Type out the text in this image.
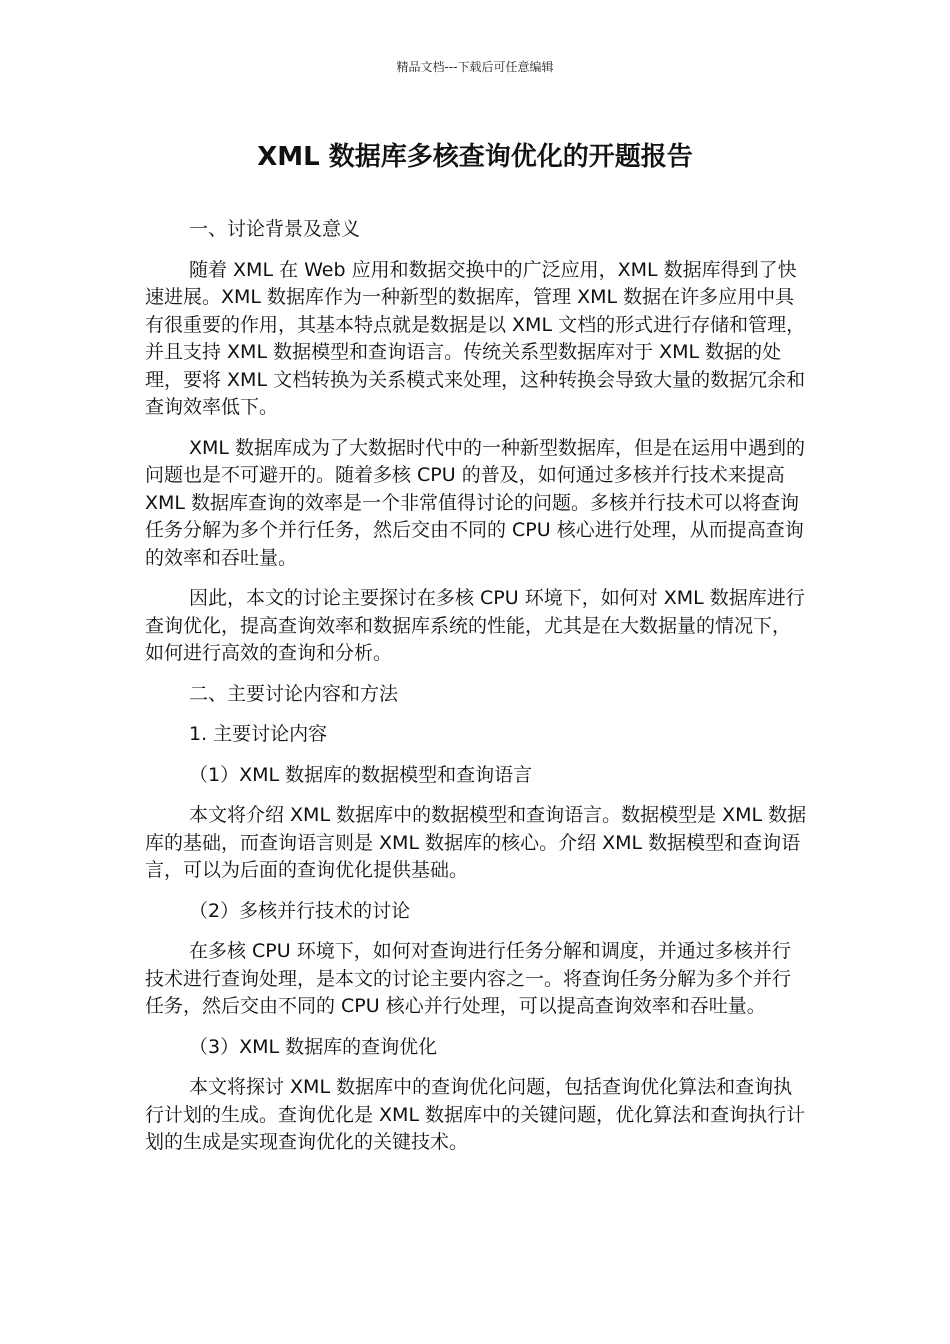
精品文档---下载后可任意编辑
XML 数据库多核查询优化的开题报告

一、讨论背景及意义

随着 XML 在 Web 应用和数据交换中的广泛应用，XML 数据库得到了快速进展。XML 数据库作为一种新型的数据库，管理 XML 数据在许多应用中具有很重要的作用，其基本特点就是数据是以 XML 文档的形式进行存储和管理，并且支持 XML 数据模型和查询语言。传统关系型数据库对于 XML 数据的处理，要将 XML 文档转换为关系模式来处理，这种转换会导致大量的数据冗余和查询效率低下。

XML 数据库成为了大数据时代中的一种新型数据库，但是在运用中遇到的问题也是不可避开的。随着多核 CPU 的普及，如何通过多核并行技术来提高 XML 数据库查询的效率是一个非常值得讨论的问题。多核并行技术可以将查询任务分解为多个并行任务，然后交由不同的 CPU 核心进行处理，从而提高查询的效率和吞吐量。

因此，本文的讨论主要探讨在多核 CPU 环境下，如何对 XML 数据库进行查询优化，提高查询效率和数据库系统的性能，尤其是在大数据量的情况下，如何进行高效的查询和分析。

二、主要讨论内容和方法

1. 主要讨论内容

（1）XML 数据库的数据模型和查询语言

本文将介绍 XML 数据库中的数据模型和查询语言。数据模型是 XML 数据库的基础，而查询语言则是 XML 数据库的核心。介绍 XML 数据模型和查询语言，可以为后面的查询优化提供基础。

（2）多核并行技术的讨论

在多核 CPU 环境下，如何对查询进行任务分解和调度，并通过多核并行技术进行查询处理，是本文的讨论主要内容之一。将查询任务分解为多个并行任务，然后交由不同的 CPU 核心并行处理，可以提高查询效率和吞吐量。

（3）XML 数据库的查询优化

本文将探讨 XML 数据库中的查询优化问题，包括查询优化算法和查询执行计划的生成。查询优化是 XML 数据库中的关键问题，优化算法和查询执行计划的生成是实现查询优化的关键技术。
